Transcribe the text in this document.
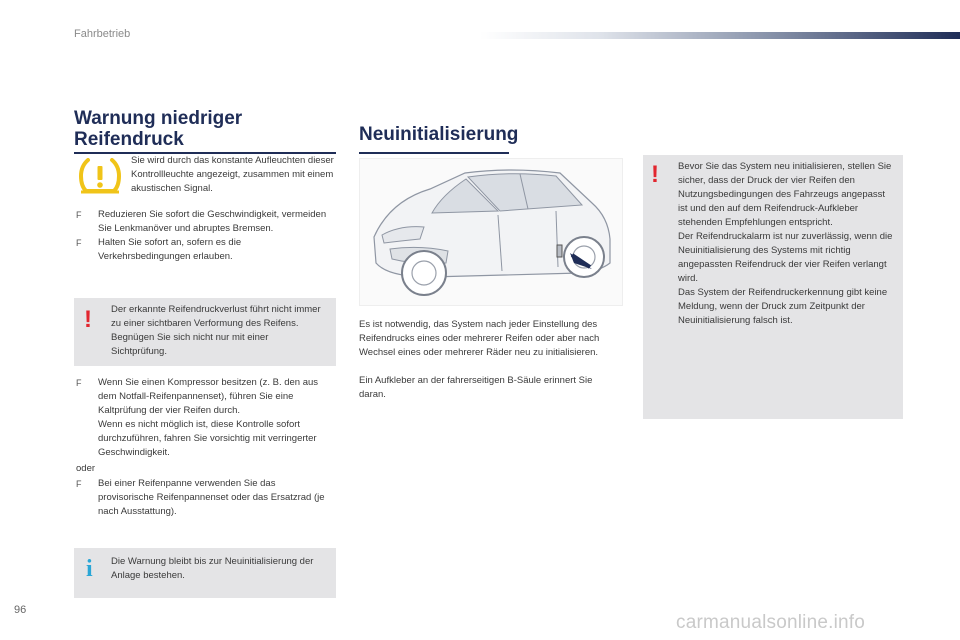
Fahrbetrieb
Warnung niedriger
Reifendruck
Sie wird durch das konstante Aufleuchten dieser Kontrollleuchte angezeigt, zusammen mit einem akustischen Signal.
F Reduzieren Sie sofort die Geschwindigkeit, vermeiden Sie Lenkmanöver und abruptes Bremsen.
F Halten Sie sofort an, sofern es die Verkehrsbedingungen erlauben.
! Der erkannte Reifendruckverlust führt nicht immer zu einer sichtbaren Verformung des Reifens. Begnügen Sie sich nicht nur mit einer Sichtprüfung.
F Wenn Sie einen Kompressor besitzen (z. B. den aus dem Notfall-Reifenpannenset), führen Sie eine Kaltprüfung der vier Reifen durch.
Wenn es nicht möglich ist, diese Kontrolle sofort durchzuführen, fahren Sie vorsichtig mit verringerter Geschwindigkeit.
oder
F Bei einer Reifenpanne verwenden Sie das provisorische Reifenpannenset oder das Ersatzrad (je nach Ausstattung).
i Die Warnung bleibt bis zur Neuinitialisierung der Anlage bestehen.
Neuinitialisierung
Es ist notwendig, das System nach jeder Einstellung des Reifendrucks eines oder mehrerer Reifen oder aber nach Wechsel eines oder mehrerer Räder neu zu initialisieren.
Ein Aufkleber an der fahrerseitigen B-Säule erinnert Sie daran.
! Bevor Sie das System neu initialisieren, stellen Sie sicher, dass der Druck der vier Reifen den Nutzungsbedingungen des Fahrzeugs angepasst ist und den auf dem Reifendruck-Aufkleber stehenden Empfehlungen entspricht.
Der Reifendruckalarm ist nur zuverlässig, wenn die Neuinitialisierung des Systems mit richtig angepassten Reifendruck der vier Reifen verlangt wird.
Das System der Reifendruckerkennung gibt keine Meldung, wenn der Druck zum Zeitpunkt der Neuinitialisierung falsch ist.
96
carmanualsonline.info
